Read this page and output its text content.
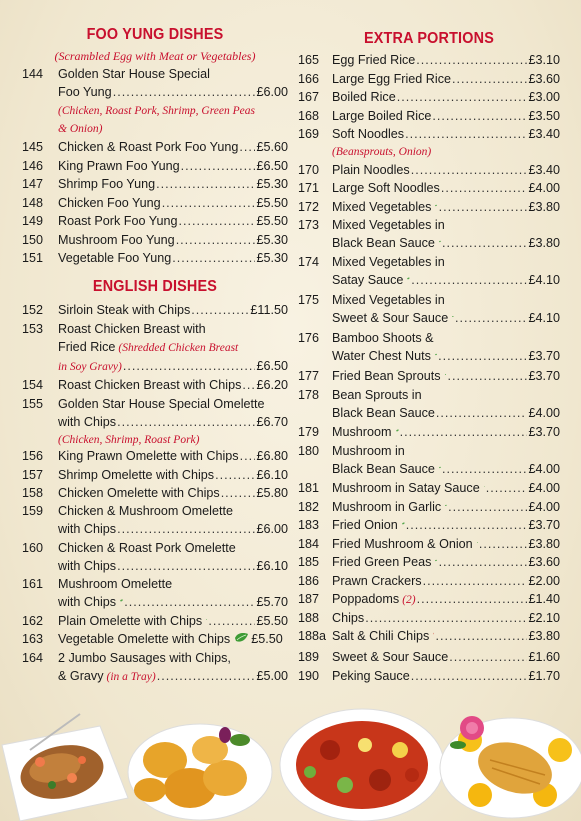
FOO YUNG DISHES
(Scrambled Egg with Meat or Vegetables)
144	Golden Star House Special
Foo Yung .....	£6.00
(Chicken, Roast Pork, Shrimp, Green Peas
& Onion)
145	Chicken & Roast Pork Foo Yung ..... £5.60
146	King Prawn Foo Yung .....	£6.50
147	Shrimp Foo Yung .....	£5.30
148	Chicken Foo Yung .....	£5.50
149	Roast Pork Foo Yung .....	£5.50
150	Mushroom Foo Yung .....	£5.30
151	Vegetable Foo Yung .....	£5.30
ENGLISH DISHES
152	Sirloin Steak with Chips .....	£11.50
153	Roast Chicken Breast with
Fried Rice (Shredded Chicken Breast
in Soy Gravy) .....	£6.50
154	Roast Chicken Breast with Chips ..... £6.20
155	Golden Star House Special Omelette
with Chips .....	£6.70
(Chicken, Shrimp, Roast Pork)
156	King Prawn Omelette with Chips ..... £6.80
157	Shrimp Omelette with Chips .....	£6.10
158	Chicken Omelette with Chips .....	£5.80
159	Chicken & Mushroom Omelette
with Chips .....	£6.00
160	Chicken & Roast Pork Omelette
with Chips .....	£6.10
161	Mushroom Omelette
with Chips .....	£5.70
162	Plain Omelette with Chips .....	£5.50
163	Vegetable Omelette with Chips £5.50
164	2 Jumbo Sausages with Chips,
& Gravy (in a Tray) .....	£5.00
EXTRA PORTIONS
165	Egg Fried Rice .....	£3.10
166	Large Egg Fried Rice .....	£3.60
167	Boiled Rice .....	£3.00
168	Large Boiled Rice .....	£3.50
169	Soft Noodles .....	£3.40
(Beansprouts, Onion)
170	Plain Noodles .....	£3.40
171	Large Soft Noodles .....	£4.00
172	Mixed Vegetables .....	£3.80
173	Mixed Vegetables in
Black Bean Sauce .....	£3.80
174	Mixed Vegetables in
Satay Sauce .....	£4.10
175	Mixed Vegetables in
Sweet & Sour Sauce .....	£4.10
176	Bamboo Shoots &
Water Chest Nuts .....	£3.70
177	Fried Bean Sprouts .....	£3.70
178	Bean Sprouts in
Black Bean Sauce .....	£4.00
179	Mushroom .....	£3.70
180	Mushroom in
Black Bean Sauce .....	£4.00
181	Mushroom in Satay Sauce .....	£4.00
182	Mushroom in Garlic .....	£4.00
183	Fried Onion .....	£3.70
184	Fried Mushroom & Onion .....	£3.80
185	Fried Green Peas .....	£3.60
186	Prawn Crackers .....	£2.00
187	Poppadoms (2) .....	£1.40
188	Chips .....	£2.10
188a Salt & Chili Chips .....	£3.80
189	Sweet & Sour Sauce .....	£1.60
190	Peking Sauce .....	£1.70
